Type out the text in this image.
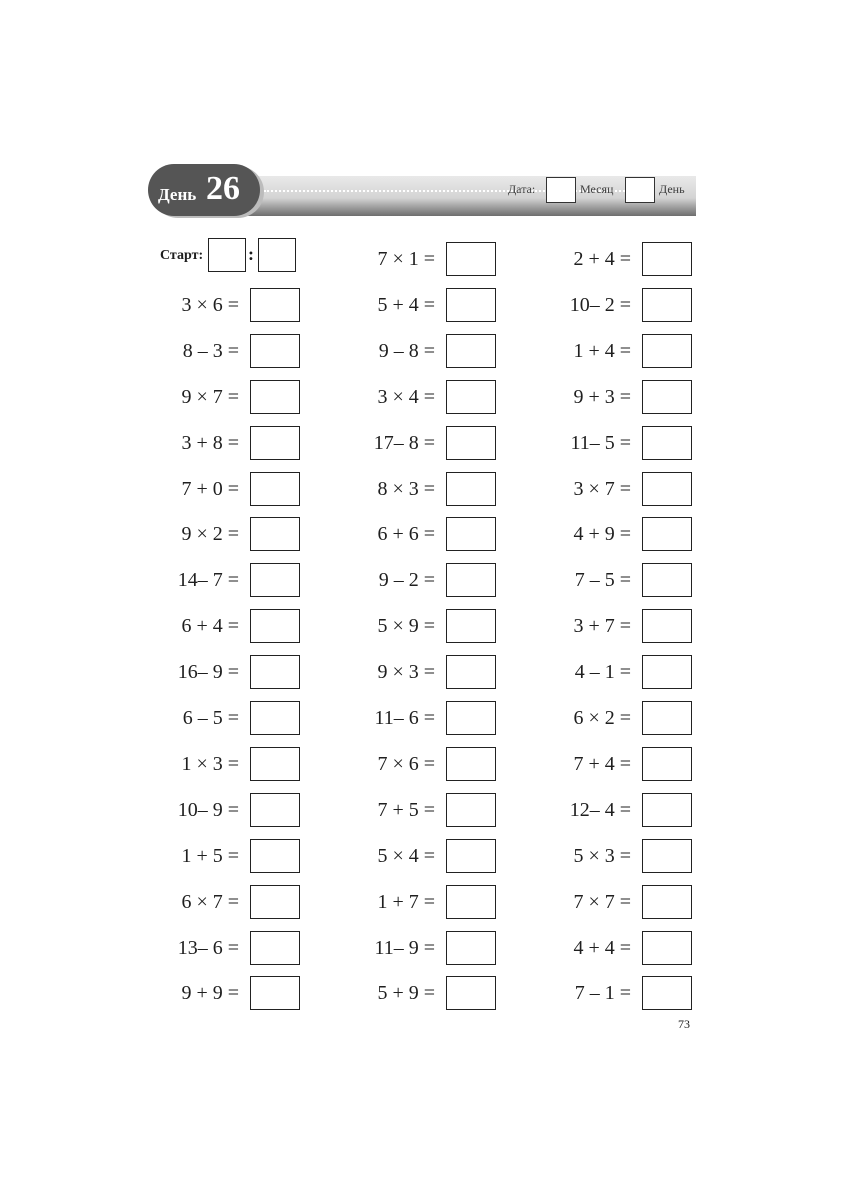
День 26	Дата:	Месяц	День
Старт: :
3 × 6 =
8 – 3 =
9 × 7 =
3 + 8 =
7 + 0 =
9 × 2 =
14– 7 =
6 + 4 =
16– 9 =
6 – 5 =
1 × 3 =
10– 9 =
1 + 5 =
6 × 7 =
13– 6 =
9 + 9 =
7 × 1 =
5 + 4 =
9 – 8 =
3 × 4 =
17– 8 =
8 × 3 =
6 + 6 =
9 – 2 =
5 × 9 =
9 × 3 =
11– 6 =
7 × 6 =
7 + 5 =
5 × 4 =
1 + 7 =
11– 9 =
5 + 9 =
2 + 4 =
10– 2 =
1 + 4 =
9 + 3 =
11– 5 =
3 × 7 =
4 + 9 =
7 – 5 =
3 + 7 =
4 – 1 =
6 × 2 =
7 + 4 =
12– 4 =
5 × 3 =
7 × 7 =
4 + 4 =
7 – 1 =
73
